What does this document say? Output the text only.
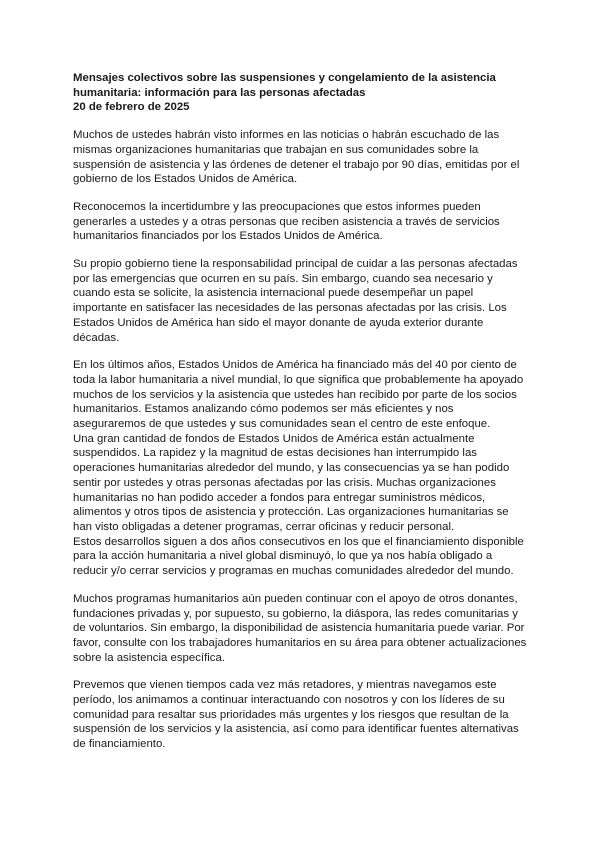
Mensajes colectivos sobre las suspensiones y congelamiento de la asistencia humanitaria: información para las personas afectadas
20 de febrero de 2025

Muchos de ustedes habrán visto informes en las noticias o habrán escuchado de las mismas organizaciones humanitarias que trabajan en sus comunidades sobre la suspensión de asistencia y las órdenes de detener el trabajo por 90 días, emitidas por el gobierno de los Estados Unidos de América.

Reconocemos la incertidumbre y las preocupaciones que estos informes pueden generarles a ustedes y a otras personas que reciben asistencia a través de servicios humanitarios financiados por los Estados Unidos de América.

Su propio gobierno tiene la responsabilidad principal de cuidar a las personas afectadas por las emergencias que ocurren en su país. Sin embargo, cuando sea necesario y cuando esta se solicite, la asistencia internacional puede desempeñar un papel importante en satisfacer las necesidades de las personas afectadas por las crisis. Los Estados Unidos de América han sido el mayor donante de ayuda exterior durante décadas.

En los últimos años, Estados Unidos de América ha financiado más del 40 por ciento de toda la labor humanitaria a nivel mundial, lo que significa que probablemente ha apoyado muchos de los servicios y la asistencia que ustedes han recibido por parte de los socios humanitarios. Estamos analizando cómo podemos ser más eficientes y nos aseguraremos de que ustedes y sus comunidades sean el centro de este enfoque.

Una gran cantidad de fondos de Estados Unidos de América están actualmente suspendidos. La rapidez y la magnitud de estas decisiones han interrumpido las operaciones humanitarias alrededor del mundo, y las consecuencias ya se han podido sentir por ustedes y otras personas afectadas por las crisis. Muchas organizaciones humanitarias no han podido acceder a fondos para entregar suministros médicos, alimentos y otros tipos de asistencia y protección. Las organizaciones humanitarias se han visto obligadas a detener programas, cerrar oficinas y reducir personal.

Estos desarrollos siguen a dos años consecutivos en los que el financiamiento disponible para la acción humanitaria a nivel global disminuyó, lo que ya nos había obligado a reducir y/o cerrar servicios y programas en muchas comunidades alrededor del mundo.

Muchos programas humanitarios aún pueden continuar con el apoyo de otros donantes, fundaciones privadas y, por supuesto, su gobierno, la diáspora, las redes comunitarias y de voluntarios. Sin embargo, la disponibilidad de asistencia humanitaria puede variar. Por favor, consulte con los trabajadores humanitarios en su área para obtener actualizaciones sobre la asistencia específica.

Prevemos que vienen tiempos cada vez más retadores, y mientras navegamos este período, los animamos a continuar interactuando con nosotros y con los líderes de su comunidad para resaltar sus prioridades más urgentes y los riesgos que resultan de la suspensión de los servicios y la asistencia, así como para identificar fuentes alternativas de financiamiento.
